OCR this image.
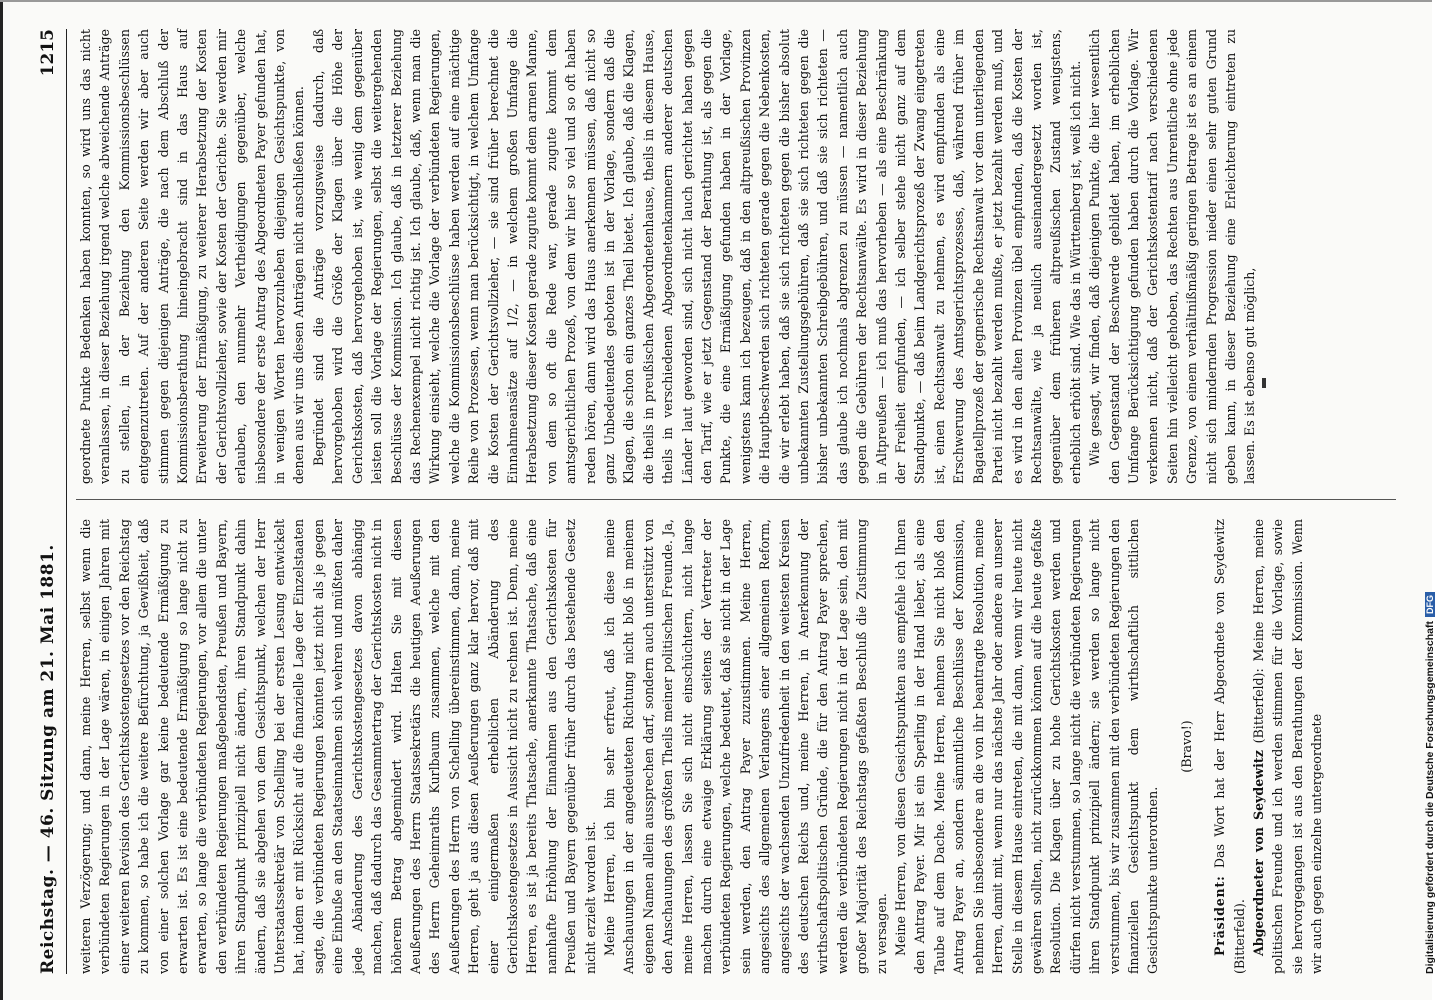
Reichstag. — 46. Sitzung am 21. Mai 1881.
1215

weiteren Verzögerung; und dann, meine Herren, selbst wenn die verbündeten Regierungen in der Lage wären, in einigen Jahren mit einer weiteren Revision des Gerichtskostengesetzes vor den Reichstag zu kommen, so habe ich die weitere Befürchtung, ja Gewißheit, daß von einer solchen Vorlage gar keine bedeutende Ermäßigung zu erwarten ist. Es ist eine bedeutende Ermäßigung so lange nicht zu erwarten, so lange die verbündeten Regierungen, vor allem die unter den verbündeten Regierungen maßgebendsten, Preußen und Bayern, ihren Standpunkt prinzipiell nicht ändern, ihren Standpunkt dahin ändern, daß sie abgehen von dem Gesichtspunkt, welchen der Herr Unterstaatssekretär von Schelling bei der ersten Lesung entwickelt hat, indem er mit Rücksicht auf die finanzielle Lage der Einzelstaaten sagte, die verbündeten Regierungen könnten jetzt nicht als je gegen eine Einbuße an den Staatseinnahmen sich wehren und müßten daher jede Abänderung des Gerichtskostengesetzes davon abhängig machen, daß dadurch das Gesammtertrag der Gerichtskosten nicht in höherem Betrag abgemindert wird. Halten Sie mit diesen Aeußerungen des Herrn Staatssekretärs die heutigen Aeußerungen des Herrn Geheimraths Kurlbaum zusammen, welche mit den Aeußerungen des Herrn von Schelling übereinstimmen, dann, meine Herren, geht ja aus diesen Aeußerungen ganz klar hervor, daß mit einer einigermaßen erheblichen Abänderung des Gerichtskostengesetzes in Aussicht nicht zu rechnen ist. Denn, meine Herren, es ist ja bereits Thatsache, anerkannte Thatsache, daß eine namhafte Erhöhung der Einnahmen aus den Gerichtskosten für Preußen und Bayern gegenüber früher durch das bestehende Gesetz nicht erzielt worden ist. Meine Herren, ich bin sehr erfreut, daß ich diese meine Anschauungen in der angedeuteten Richtung nicht bloß in meinem eigenen Namen allein aussprechen darf, sondern auch unterstützt von den Anschauungen des größten Theils meiner politischen Freunde. Ja, meine Herren, lassen Sie sich nicht einschüchtern, nicht lange machen durch eine etwaige Erklärung seitens der Vertreter der verbündeten Regierungen, welche bedeutet, daß sie nicht in der Lage sein werden, den Antrag Payer zuzustimmen. Meine Herren, angesichts des allgemeinen Verlangens einer allgemeinen Reform, angesichts der wachsenden Unzufriedenheit in den weitesten Kreisen des deutschen Reichs und, meine Herren, in Anerkennung der wirthschaftspolitischen Gründe, die für den Antrag Payer sprechen, werden die verbündeten Regierungen nicht in der Lage sein, den mit großer Majorität des Reichstags gefaßten Beschluß die Zustimmung zu versagen. Meine Herren, von diesen Gesichtspunkten aus empfehle ich Ihnen den Antrag Payer. Mir ist ein Sperling in der Hand lieber, als eine Taube auf dem Dache. Meine Herren, nehmen Sie nicht bloß den Antrag Payer an, sondern sämmtliche Beschlüsse der Kommission, nehmen Sie insbesondere an die von ihr beantragte Resolution, meine Herren, damit mit, wenn nur das nächste Jahr oder andere an unserer Stelle in diesem Hause eintreten, die mit dann, wenn wir heute nicht gewähren sollten, nicht zurückkommen können auf die heute gefaßte Resolution. Die Klagen über zu hohe Gerichtskosten werden und dürfen nicht verstummen, so lange nicht die verbündeten Regierungen ihren Standpunkt prinzipiell ändern; sie werden so lange nicht verstummen, bis wir zusammen mit den verbündeten Regierungen den finanziellen Gesichtspunkt dem wirthschaftlich sittlichen Gesichtspunkte unterordnen.

(Bravo!)

Präsident: Das Wort hat der Herr Abgeordnete von Seydewitz (Bitterfeld). Abgeordneter von Seydewitz (Bitterfeld): Meine Herren, meine politischen Freunde und ich werden stimmen für die Vorlage, sowie sie hervorgegangen ist aus den Berathungen der Kommission. Wenn wir auch gegen einzelne untergeordnete

geordnete Punkte Bedenken haben konnten, so wird uns das nicht veranlassen, in dieser Beziehung irgend welche abweichende Anträge zu stellen, in der Beziehung den Kommissionsbeschlüssen entgegenzutreten. Auf der anderen Seite werden wir aber auch stimmen gegen diejenigen Anträge, die nach dem Abschluß der Kommissionsberathung hineingebracht sind in das Haus auf Erweiterung der Ermäßigung, zu weiterer Herabsetzung der Kosten der Gerichtsvollzieher, sowie der Kosten der Gerichte. Sie werden mir erlauben, den nunmehr Vertheidigungen gegenüber, welche insbesondere der erste Antrag des Abgeordneten Payer gefunden hat, in wenigen Worten hervorzuheben diejenigen Gesichtspunkte, von denen aus wir uns diesen Anträgen nicht anschließen können. Begründet sind die Anträge vorzugsweise dadurch, daß hervorgehoben wird die Größe der Klagen über die Höhe der Gerichtskosten, daß hervorgehoben ist, wie wenig dem gegenüber leisten soll die Vorlage der Regierungen, selbst die weitergehenden Beschlüsse der Kommission. Ich glaube, daß in letzterer Beziehung das Rechenexempel nicht richtig ist. Ich glaube, daß, wenn man die Wirkung einsieht, welche die Vorlage der verbündeten Regierungen, welche die Kommissionsbeschlüsse haben werden auf eine mächtige Reihe von Prozessen, wenn man berücksichtigt, in welchem Umfange die Kosten der Gerichtsvollzieher, — sie sind früher berechnet die Einnahmeansätze auf 1/2, — in welchem großen Umfange die Herabsetzung dieser Kosten gerade zugute kommt dem armen Manne, von dem so oft die Rede war, gerade zugute kommt dem amtsgerichtlichen Prozeß, von dem wir hier so viel und so oft haben reden hören, dann wird das Haus anerkennen müssen, daß nicht so ganz Unbedeutendes geboten ist in der Vorlage, sondern daß die Klagen, die schon ein ganzes Theil bietet. Ich glaube, daß die Klagen, die theils in preußischen Abgeordnetenhause, theils in diesem Hause, theils in verschiedenen Abgeordnetenkammern anderer deutschen Länder laut geworden sind, sich nicht lauch gerichtet haben gegen den Tarif, wie er jetzt Gegenstand der Berathung ist, als gegen die Punkte, die eine Ermäßigung gefunden haben in der Vorlage, wenigstens kann ich bezeugen, daß in den altpreußischen Provinzen die Hauptbeschwerden sich richteten gerade gegen die Nebenkosten, die wir erlebt haben, daß sie sich richteten gegen die bisher absolut unbekannten Zustellungsgebühren, daß sie sich richteten gegen die bisher unbekannten Schreibgebühren, und daß sie sich richteten — das glaube ich nochmals abgrenzen zu müssen — namentlich auch gegen die Gebühren der Rechtsanwälte. Es wird in dieser Beziehung in Altpreußen — ich muß das hervorheben — als eine Beschränkung der Freiheit empfunden, — ich selber stehe nicht ganz auf dem Standpunkte, — daß beim Landgerichtsprozeß der Zwang eingetreten ist, einen Rechtsanwalt zu nehmen, es wird empfunden als eine Erschwerung des Amtsgerichtsprozesses, daß, während früher im Bagatellprozeß der gegnerische Rechtsanwalt vor dem unterliegenden Partei nicht bezahlt werden mußte, er jetzt bezahlt werden muß, und es wird in den alten Provinzen übel empfunden, daß die Kosten der Rechtsanwälte, wie ja neulich auseinandergesetzt worden ist, gegenüber dem früheren altpreußischen Zustand wenigstens, erheblich erhöht sind. Wie das in Württemberg ist, weiß ich nicht. Wie gesagt, wir finden, daß diejenigen Punkte, die hier wesentlich den Gegenstand der Beschwerde gebildet haben, im erheblichen Umfange Berücksichtigung gefunden haben durch die Vorlage. Wir verkennen nicht, daß der Gerichtskostentarif nach verschiedenen Seiten hin vielleicht gehoben, das Rechten aus Unrentliche ohne jede Grenze, von einem verhältnißmäßig geringen Betrage ist es an einem nicht sich mindernden Progression nieder einen sehr guten Grund geben kann, in dieser Beziehung eine Erleichterung eintreten zu lassen. Es ist ebenso gut möglich,

Digitalisierung gefördert durch die Deutsche ForschungsgemeinschaftDFG
